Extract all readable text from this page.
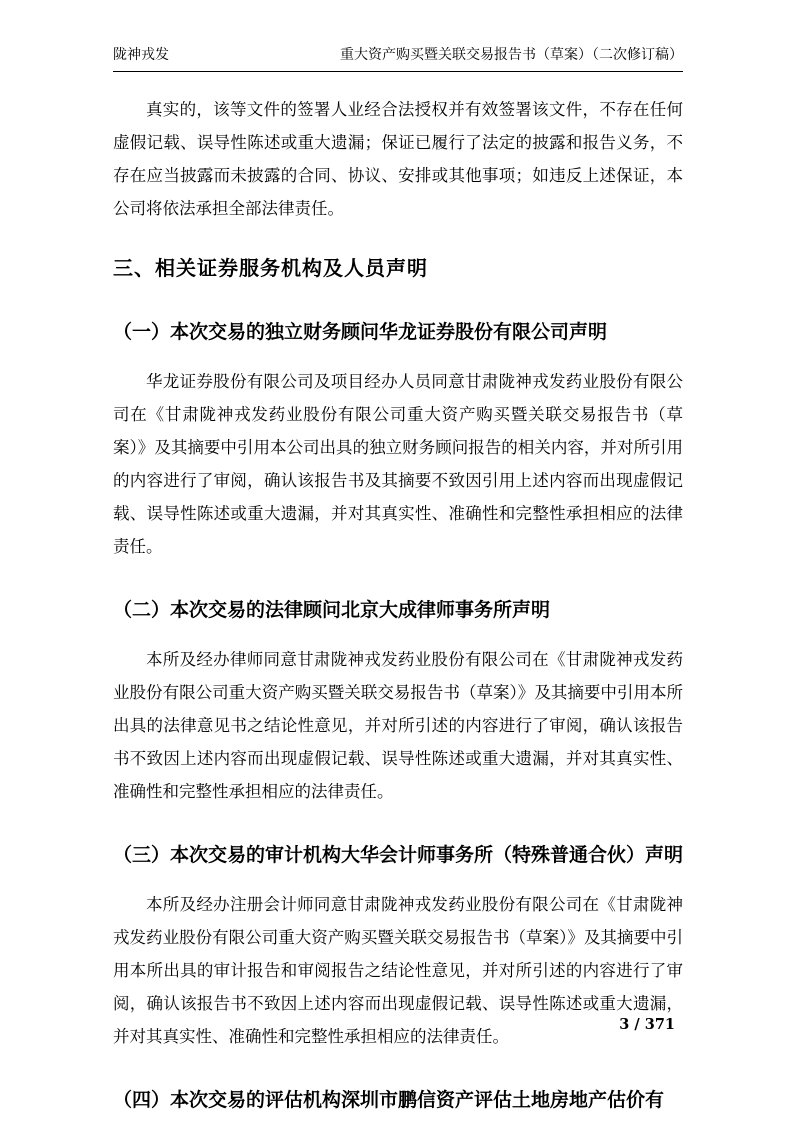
陇神戎发	重大资产购买暨关联交易报告书（草案）（二次修订稿）

真实的，该等文件的签署人业经合法授权并有效签署该文件，不存在任何虚假记载、误导性陈述或重大遗漏；保证已履行了法定的披露和报告义务，不存在应当披露而未披露的合同、协议、安排或其他事项；如违反上述保证，本公司将依法承担全部法律责任。

三、相关证券服务机构及人员声明
（一）本次交易的独立财务顾问华龙证券股份有限公司声明

华龙证券股份有限公司及项目经办人员同意甘肃陇神戎发药业股份有限公司在《甘肃陇神戎发药业股份有限公司重大资产购买暨关联交易报告书（草案）》及其摘要中引用本公司出具的独立财务顾问报告的相关内容，并对所引用的内容进行了审阅，确认该报告书及其摘要不致因引用上述内容而出现虚假记载、误导性陈述或重大遗漏，并对其真实性、准确性和完整性承担相应的法律责任。

（二）本次交易的法律顾问北京大成律师事务所声明

本所及经办律师同意甘肃陇神戎发药业股份有限公司在《甘肃陇神戎发药业股份有限公司重大资产购买暨关联交易报告书（草案）》及其摘要中引用本所出具的法律意见书之结论性意见，并对所引述的内容进行了审阅，确认该报告书不致因上述内容而出现虚假记载、误导性陈述或重大遗漏，并对其真实性、准确性和完整性承担相应的法律责任。

（三）本次交易的审计机构大华会计师事务所（特殊普通合伙）声明

本所及经办注册会计师同意甘肃陇神戎发药业股份有限公司在《甘肃陇神戎发药业股份有限公司重大资产购买暨关联交易报告书（草案）》及其摘要中引用本所出具的审计报告和审阅报告之结论性意见，并对所引述的内容进行了审阅，确认该报告书不致因上述内容而出现虚假记载、误导性陈述或重大遗漏，并对其真实性、准确性和完整性承担相应的法律责任。

（四）本次交易的评估机构深圳市鹏信资产评估土地房地产估价有
3 / 371
